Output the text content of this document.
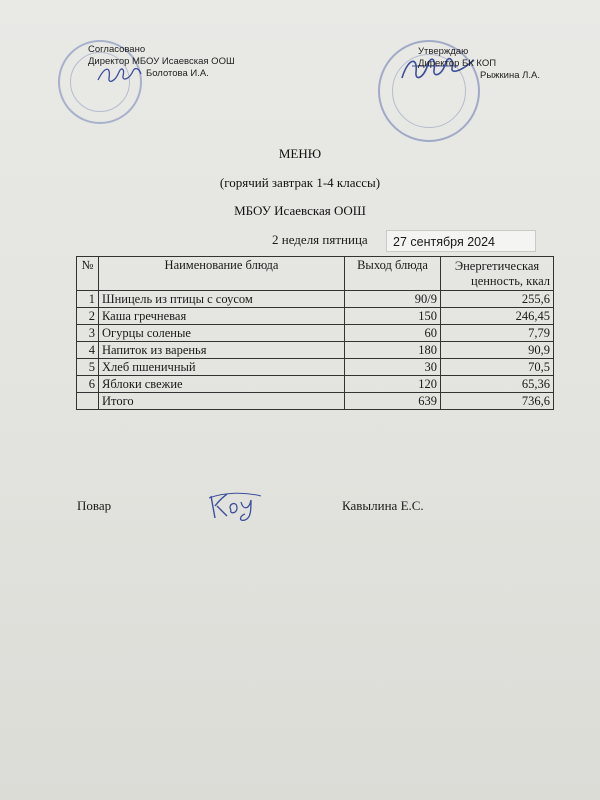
Согласовано
Директор МБОУ Исаевская ООШ
Болотова И.А.
Утверждаю
Директор БК КОП
Рыжкина Л.А.
МЕНЮ
(горячий завтрак 1-4 классы)
МБОУ Исаевская ООШ
2 неделя пятница	27 сентября 2024
№	Наименование блюда	Выход блюда	Энергетическая
ценность, ккал

1	Шницель из птицы с соусом	90/9	255,6
2	Каша гречневая	150	246,45
3	Огурцы соленые	60	7,79
4	Напиток из варенья	180	90,9
5	Хлеб пшеничный	30	70,5
6	Яблоки свежие	120	65,36
	Итого	639	736,6
Повар	Кавылина Е.С.
